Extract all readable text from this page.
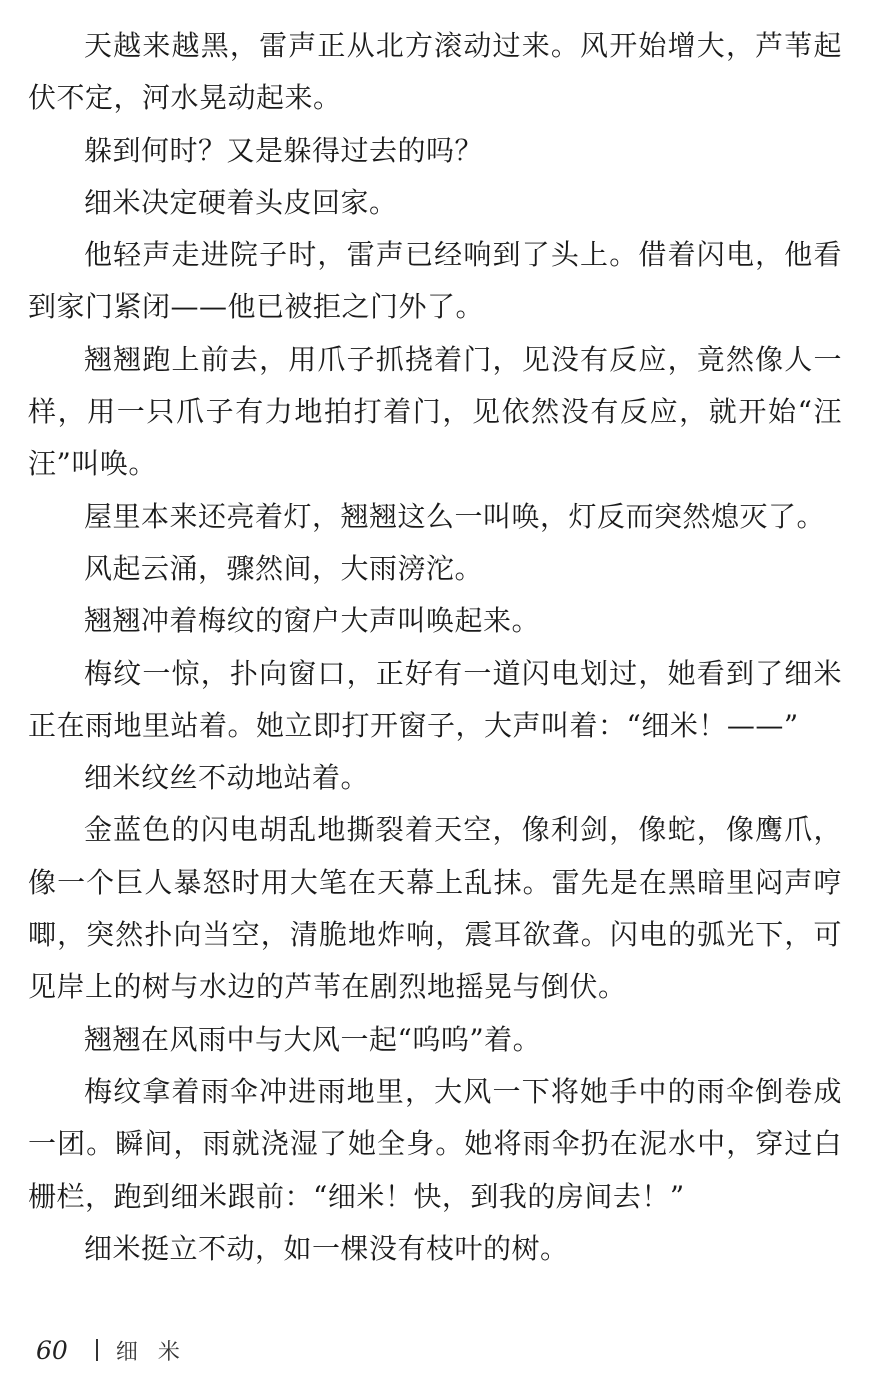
天越来越黑，雷声正从北方滚动过来。风开始增大，芦苇起伏不定，河水晃动起来。

躲到何时？又是躲得过去的吗？

细米决定硬着头皮回家。

他轻声走进院子时，雷声已经响到了头上。借着闪电，他看到家门紧闭——他已被拒之门外了。

翘翘跑上前去，用爪子抓挠着门，见没有反应，竟然像人一样，用一只爪子有力地拍打着门，见依然没有反应，就开始“汪汪”叫唤。

屋里本来还亮着灯，翘翘这么一叫唤，灯反而突然熄灭了。

风起云涌，骤然间，大雨滂沱。

翘翘冲着梅纹的窗户大声叫唤起来。

梅纹一惊，扑向窗口，正好有一道闪电划过，她看到了细米正在雨地里站着。她立即打开窗子，大声叫着：“细米！——”

细米纹丝不动地站着。

金蓝色的闪电胡乱地撕裂着天空，像利剑，像蛇，像鹰爪，像一个巨人暴怒时用大笔在天幕上乱抹。雷先是在黑暗里闷声哼唧，突然扑向当空，清脆地炸响，震耳欲聋。闪电的弧光下，可见岸上的树与水边的芦苇在剧烈地摇晃与倒伏。

翘翘在风雨中与大风一起“呜呜”着。

梅纹拿着雨伞冲进雨地里，大风一下将她手中的雨伞倒卷成一团。瞬间，雨就浇湿了她全身。她将雨伞扔在泥水中，穿过白栅栏，跑到细米跟前：“细米！快，到我的房间去！”

细米挺立不动，如一棵没有枝叶的树。

60 细米
